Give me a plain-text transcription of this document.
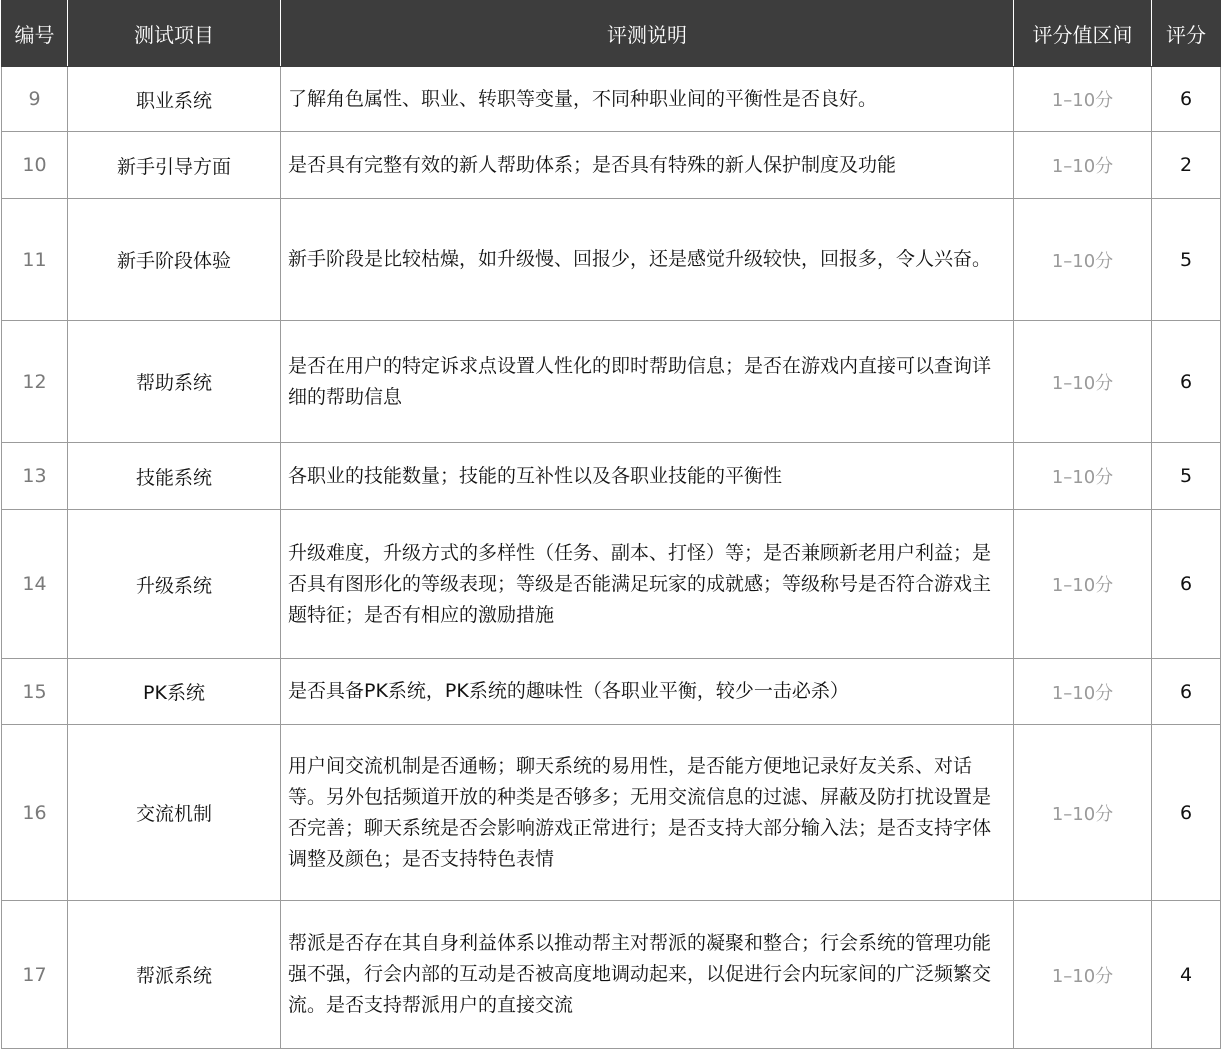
编号	测试项目	评测说明	评分值区间	评分
9	职业系统	了解角色属性、职业、转职等变量，不同种职业间的平衡性是否良好。	1–10分	6
10	新手引导方面	是否具有完整有效的新人帮助体系；是否具有特殊的新人保护制度及功能	1–10分	2
11	新手阶段体验	新手阶段是比较枯燥，如升级慢、回报少，还是感觉升级较快，回报多，令人兴奋。	1–10分	5
12	帮助系统	是否在用户的特定诉求点设置人性化的即时帮助信息；是否在游戏内直接可以查询详细的帮助信息	1–10分	6
13	技能系统	各职业的技能数量；技能的互补性以及各职业技能的平衡性	1–10分	5
14	升级系统	升级难度，升级方式的多样性（任务、副本、打怪）等；是否兼顾新老用户利益；是否具有图形化的等级表现；等级是否能满足玩家的成就感；等级称号是否符合游戏主题特征；是否有相应的激励措施	1–10分	6
15	PK系统	是否具备PK系统，PK系统的趣味性（各职业平衡，较少一击必杀）	1–10分	6
16	交流机制	用户间交流机制是否通畅；聊天系统的易用性，是否能方便地记录好友关系、对话等。另外包括频道开放的种类是否够多；无用交流信息的过滤、屏蔽及防打扰设置是否完善；聊天系统是否会影响游戏正常进行；是否支持大部分输入法；是否支持字体调整及颜色；是否支持特色表情	1–10分	6
17	帮派系统	帮派是否存在其自身利益体系以推动帮主对帮派的凝聚和整合；行会系统的管理功能强不强，行会内部的互动是否被高度地调动起来，以促进行会内玩家间的广泛频繁交流。是否支持帮派用户的直接交流	1–10分	4
